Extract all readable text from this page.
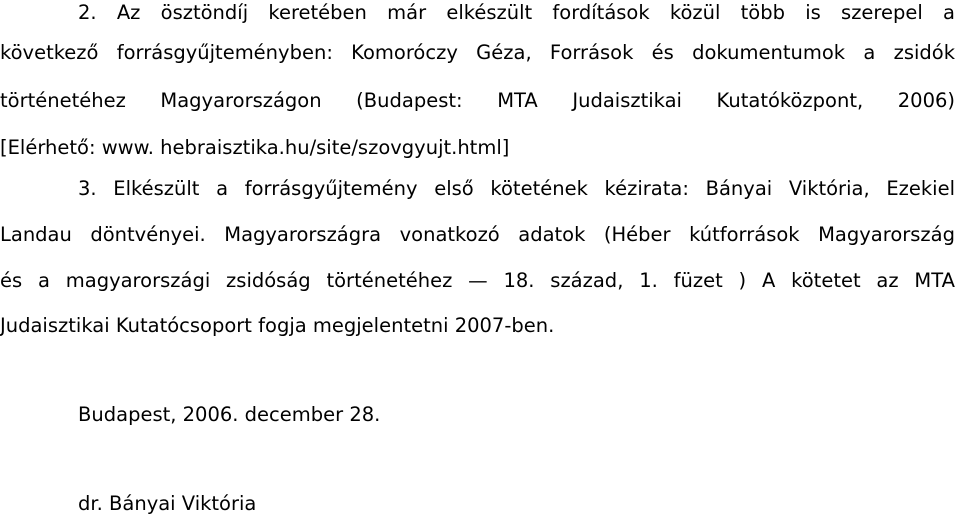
2. Az ösztöndíj keretében már elkészült fordítások közül több is szerepel a
következő forrásgyűjteményben: Komoróczy Géza, Források és dokumentumok a zsidók
történetéhez Magyarországon (Budapest: MTA Judaisztikai Kutatóközpont, 2006)
[Elérhető: www. hebraisztika.hu/site/szovgyujt.html]
3. Elkészült a forrásgyűjtemény első kötetének kézirata: Bányai Viktória, Ezekiel
Landau döntvényei. Magyarországra vonatkozó adatok (Héber kútforrások Magyarország
és a magyarországi zsidóság történetéhez — 18. század, 1. füzet ) A kötetet az MTA
Judaisztikai Kutatócsoport fogja megjelentetni 2007-ben.
Budapest, 2006. december 28.
dr. Bányai Viktória
